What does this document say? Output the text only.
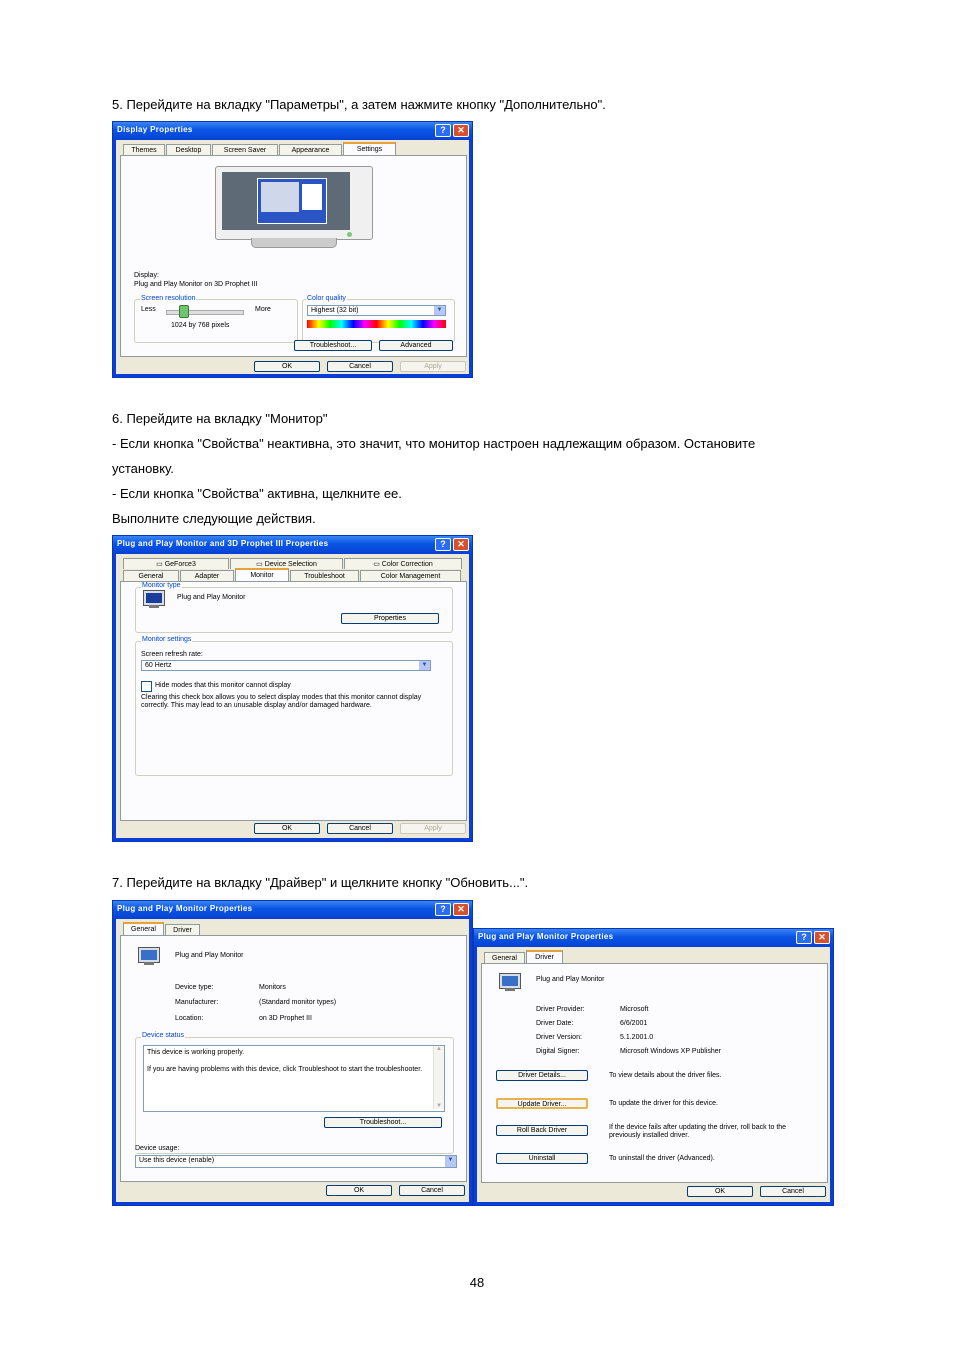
5. Перейдите на вкладку "Параметры", а затем нажмите кнопку "Дополнительно".
Display Properties	?	✕
Themes	Desktop	Screen Saver	Appearance	Settings
Display:
Plug and Play Monitor on 3D Prophet III
Screen resolution
Less	More
1024 by 768 pixels
Color quality
Highest (32 bit)	▼
Troubleshoot...	Advanced
OK	Cancel	Apply
6. Перейдите на вкладку "Монитор"
- Если кнопка "Свойства" неактивна, это значит, что монитор настроен надлежащим образом. Остановите
установку.
- Если кнопка "Свойства" активна, щелкните ее.
Выполните следующие действия.
Plug and Play Monitor and 3D Prophet III Properties	?	✕
▭ GeForce3	▭ Device Selection	▭ Color Correction
General	Adapter	Monitor	Troubleshoot	Color Management
Monitor type
Plug and Play Monitor
Properties
Monitor settings
Screen refresh rate:
60 Hertz	▼
Hide modes that this monitor cannot display
Clearing this check box allows you to select display modes that this monitor cannot display correctly. This may lead to an unusable display and/or damaged hardware.
OK	Cancel	Apply
7. Перейдите на вкладку "Драйвер" и щелкните кнопку "Обновить...".
Plug and Play Monitor Properties	?	✕
General	Driver
Plug and Play Monitor
Device type:	Monitors
Manufacturer:	(Standard monitor types)
Location:	on 3D Prophet III
Device status
This device is working properly.
If you are having problems with this device, click Troubleshoot to start the troubleshooter.
▲
▼
Troubleshoot...
Device usage:
Use this device (enable)	▼
OK	Cancel
Plug and Play Monitor Properties	?	✕
General	Driver
Plug and Play Monitor
Driver Provider:	Microsoft
Driver Date:	6/6/2001
Driver Version:	5.1.2001.0
Digital Signer:	Microsoft Windows XP Publisher
Driver Details...	To view details about the driver files.
Update Driver...	To update the driver for this device.
Roll Back Driver	If the device fails after updating the driver, roll back to the previously installed driver.
Uninstall	To uninstall the driver (Advanced).
OK	Cancel
48
